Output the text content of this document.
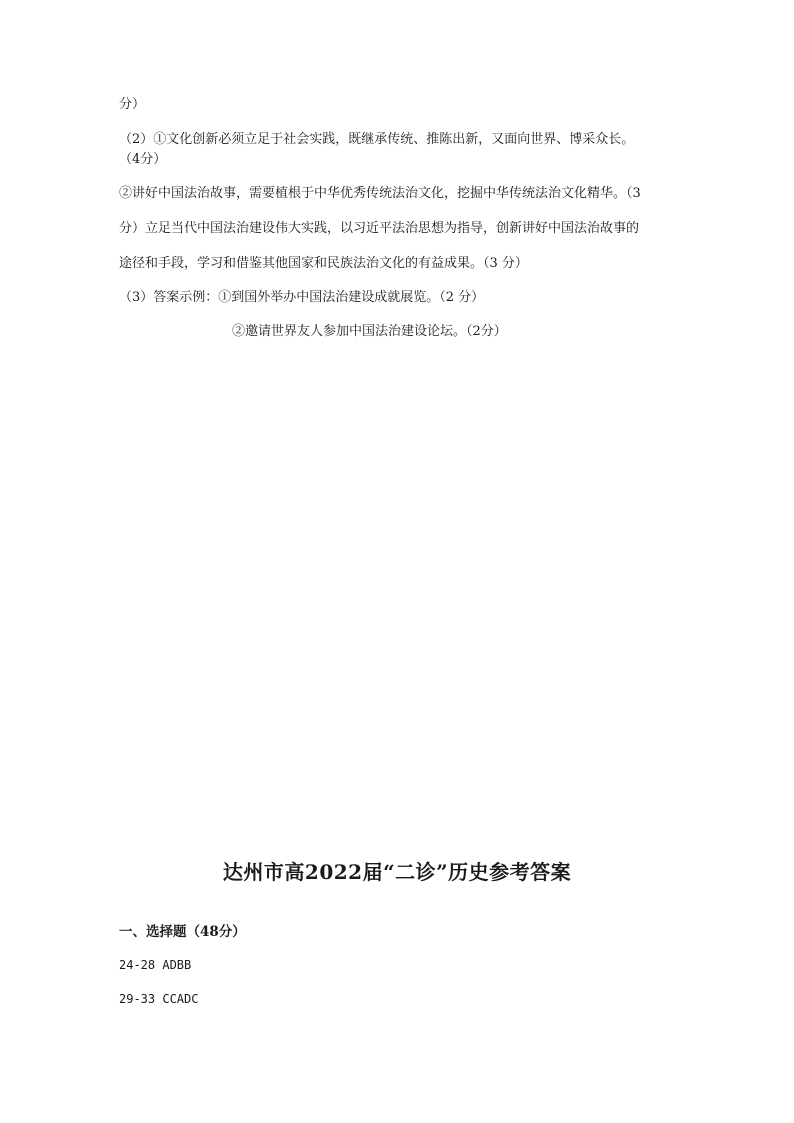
分）
（2）①文化创新必须立足于社会实践，既继承传统、推陈出新，又面向世界、博采众长。
（4分）
②讲好中国法治故事，需要植根于中华优秀传统法治文化，挖掘中华传统法治文化精华。（3
分）立足当代中国法治建设伟大实践，以习近平法治思想为指导，创新讲好中国法治故事的
途径和手段，学习和借鉴其他国家和民族法治文化的有益成果。（3 分）
（3）答案示例：①到国外举办中国法治建设成就展览。（2 分）
②邀请世界友人参加中国法治建设论坛。（2分）
达州市高2022届“二诊”历史参考答案
一、选择题（48分）
24-28 ADBB
29-33 CCADC
